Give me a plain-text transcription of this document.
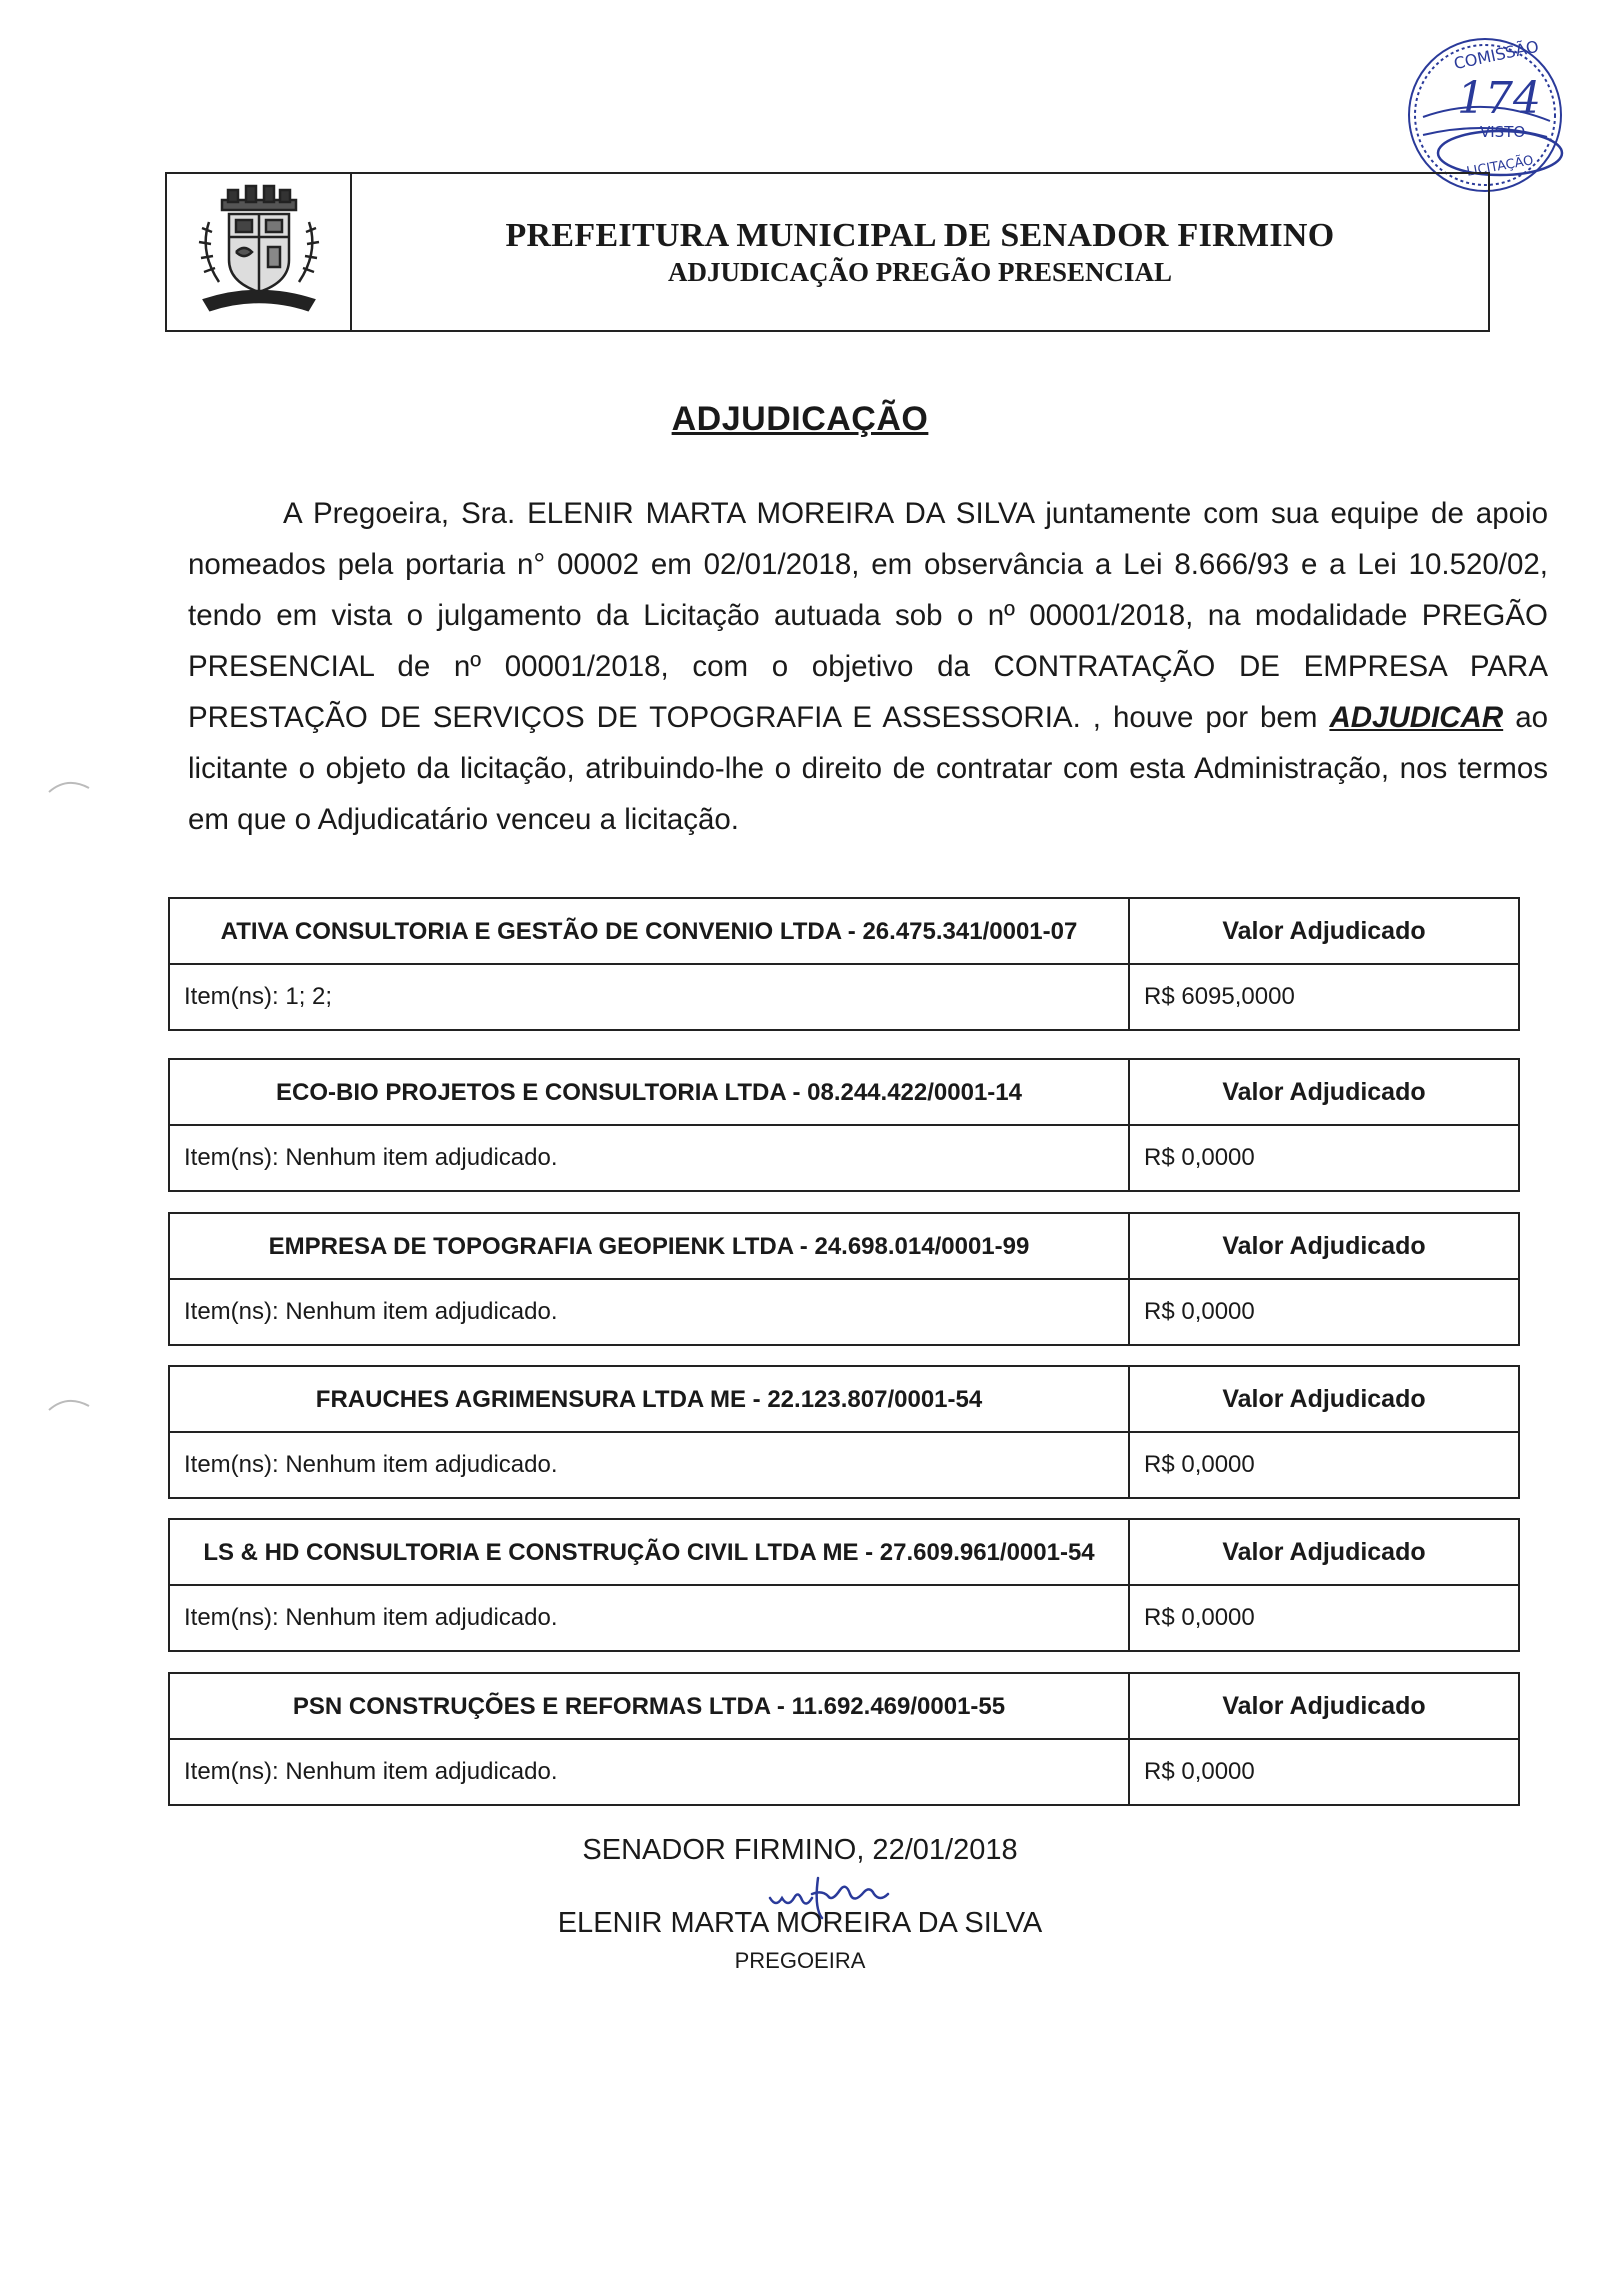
COMISSÃO
174
VISTO
LICITAÇÃO
PREFEITURA MUNICIPAL DE SENADOR FIRMINO
ADJUDICAÇÃO PREGÃO PRESENCIAL
ADJUDICAÇÃO
A Pregoeira, Sra. ELENIR MARTA MOREIRA DA SILVA juntamente com sua equipe de apoio nomeados pela portaria n° 00002 em 02/01/2018, em observância a Lei 8.666/93 e a Lei 10.520/02, tendo em vista o julgamento da Licitação autuada sob o nº 00001/2018, na modalidade PREGÃO PRESENCIAL de nº 00001/2018, com o objetivo da CONTRATAÇÃO DE EMPRESA PARA PRESTAÇÃO DE SERVIÇOS DE TOPOGRAFIA E ASSESSORIA. , houve por bem ADJUDICAR ao licitante o objeto da licitação, atribuindo-lhe o direito de contratar com esta Administração, nos termos em que o Adjudicatário venceu a licitação.
ATIVA CONSULTORIA E GESTÃO DE CONVENIO LTDA - 26.475.341/0001-07
Item(ns): 1; 2;
Valor Adjudicado
R$ 6095,0000
ECO-BIO PROJETOS E CONSULTORIA LTDA - 08.244.422/0001-14
Item(ns): Nenhum item adjudicado.
Valor Adjudicado
R$ 0,0000
EMPRESA DE TOPOGRAFIA GEOPIENK LTDA - 24.698.014/0001-99
Item(ns): Nenhum item adjudicado.
Valor Adjudicado
R$ 0,0000
FRAUCHES AGRIMENSURA LTDA ME - 22.123.807/0001-54
Item(ns): Nenhum item adjudicado.
Valor Adjudicado
R$ 0,0000
LS & HD CONSULTORIA E CONSTRUÇÃO CIVIL LTDA ME - 27.609.961/0001-54
Item(ns): Nenhum item adjudicado.
Valor Adjudicado
R$ 0,0000
PSN CONSTRUÇÕES E REFORMAS LTDA - 11.692.469/0001-55
Item(ns): Nenhum item adjudicado.
Valor Adjudicado
R$ 0,0000
SENADOR FIRMINO, 22/01/2018
ELENIR MARTA MOREIRA DA SILVA
PREGOEIRA
